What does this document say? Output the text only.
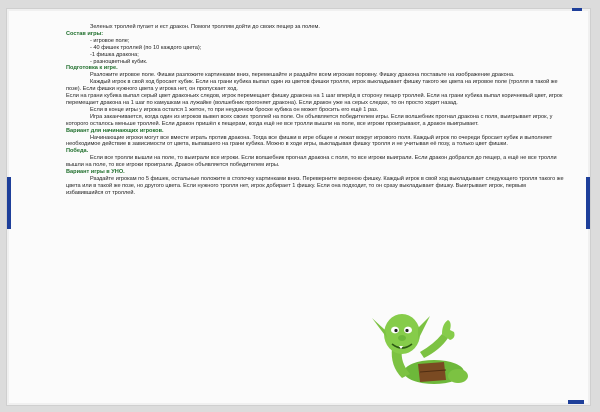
Зеленых троллей пугает и ест дракон. Помоги троллям дойти до своих пещер за полем.

Состав игры:

- игровое поле;

- 40 фишек троллей (по 10 каждого цвета);

-1 фишка дракона;

- разноцветный кубик.

Подготовка к игре.

Разложите игровое поле. Фишки разложите картинками вниз, перемешайте и раздайте всем игрокам поровну. Фишку дракона поставьте на изображение дракона.

Каждый игрок в свой ход бросает кубик. Если на грани кубика выпал один из цветов фишки тролля, игрок выкладывает фишку такого же цвета на игровое поле (тролля в такой же позе). Если фишки нужного цвета у игрока нет, он пропускает ход.

Если на грани кубика выпал серый цвет драконьих следов, игрок перемещает фишку дракона на 1 шаг вперёд в сторону пещер троллей. Если на грани кубика выпал коричневый цвет, игрок перемещает дракона на 1 шаг по камушкам на лужайке (волшебник прогоняет дракона). Если дракон уже на серых следах, то он просто ходит назад.

Если в конце игры у игрока остался 1 жетон, то при неудачном броске кубика он может бросить его ещё 1 раз.

Игра заканчивается, когда один из игроков вывел всех своих троллей на поле. Он объявляется победителем игры. Если волшебник прогнал дракона с поля, выигрывает игрок, у которого осталось меньше троллей. Если дракон пришёл к пещерам, когда ещё не все тролли вышли на поле, все игроки проигрывают, а дракон выигрывает.

Вариант для начинающих игроков.

Начинающие игроки могут все вместе играть против дракона. Тогда все фишки в игре общие и лежат вокруг игрового поля. Каждый игрок по очереди бросает кубик и выполняет необходимое действие в зависимости от цвета, выпавшего на грани кубика. Можно в ходе игры, выкладывая фишку тролля и не учитывая её позу, а только цвет фишки.

Победа.

Если все тролли вышли на поле, то выиграли все игроки. Если волшебник прогнал дракона с поля, то все игроки выиграли. Если дракон добрался до пещер, а ещё не все тролли вышли на поле, то все игроки проиграли. Дракон объявляется победителем игры.

Вариант игры в УНО.

Раздайте игрокам по 5 фишек, остальные положите в стопочку картинками вниз. Переверните верхнюю фишку. Каждый игрок в свой ход выкладывает следующего тролля такого же цвета или в такой же позе, но другого цвета. Если нужного тролля нет, игрок добирает 1 фишку. Если она подходит, то он сразу выкладывает фишку. Выигрывает игрок, первым избавившийся от троллей.
